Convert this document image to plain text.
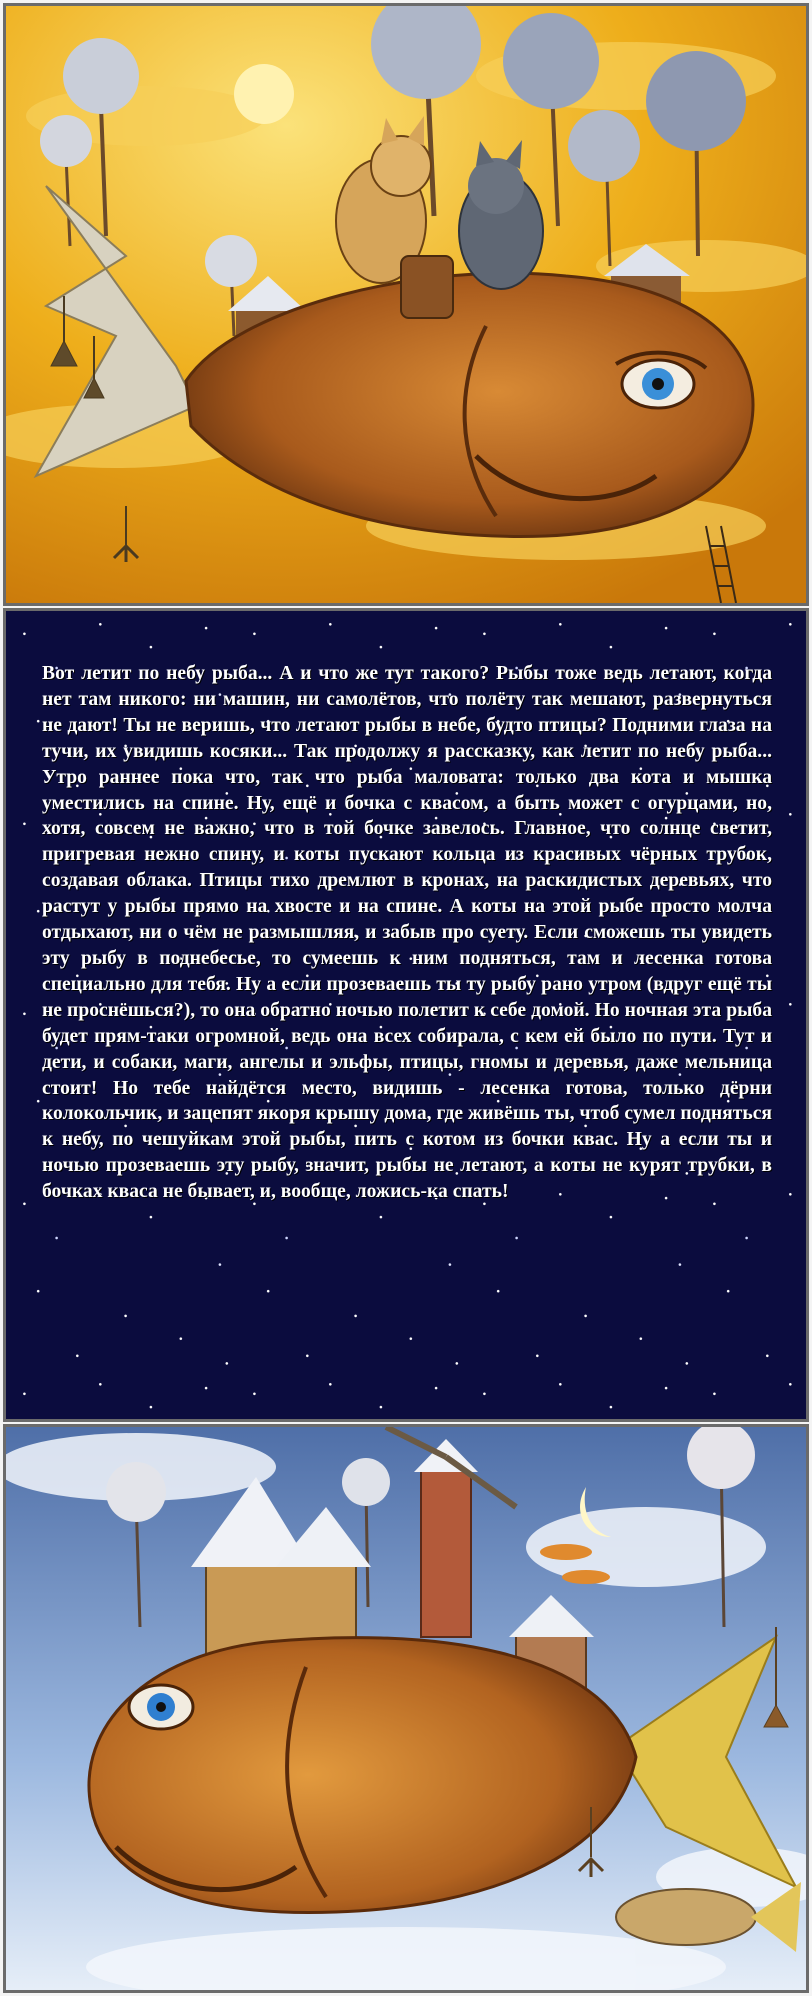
Вот летит по небу рыба... А и что же тут такого? Рыбы тоже ведь летают, когда нет там никого: ни машин, ни самолётов, что полёту так мешают, развернуться не дают! Ты не веришь, что летают рыбы в небе, будто птицы? Подними глаза на тучи, их увидишь косяки... Так продолжу я рассказку, как летит по небу рыба... Утро раннее пока что, так что рыба маловата: только два кота и мышка уместились на спине. Ну, ещё и бочка с квасом, а быть может с огурцами, но, хотя, совсем не важно, что в той бочке завелось. Главное, что солнце светит, пригревая нежно спину, и коты пускают кольца из красивых чёрных трубок, создавая облака. Птицы тихо дремлют в кронах, на раскидистых деревьях, что растут у рыбы прямо на хвосте и на спине. А коты на этой рыбе просто молча отдыхают, ни о чём не размышляя, и забыв про суету. Если сможешь ты увидеть эту рыбу в поднебесье, то сумеешь к ним подняться, там и лесенка готова специально для тебя. Ну а если прозеваешь ты ту рыбу рано утром (вдруг ещё ты не проснёшься?), то она обратно ночью полетит к себе домой. Но ночная эта рыба будет прям-таки огромной, ведь она всех собирала, с кем ей было по пути. Тут и дети, и собаки, маги, ангелы и эльфы, птицы, гномы и деревья, даже мельница стоит! Но тебе найдётся место, видишь - лесенка готова, только дёрни колокольчик, и зацепят якоря крышу дома, где живёшь ты, чтоб сумел подняться к небу, по чешуйкам этой рыбы, пить с котом из бочки квас. Ну а если ты и ночью прозеваешь эту рыбу, значит, рыбы не летают, а коты не курят трубки, в бочках кваса не бывает, и, вообще, ложись-ка спать!
